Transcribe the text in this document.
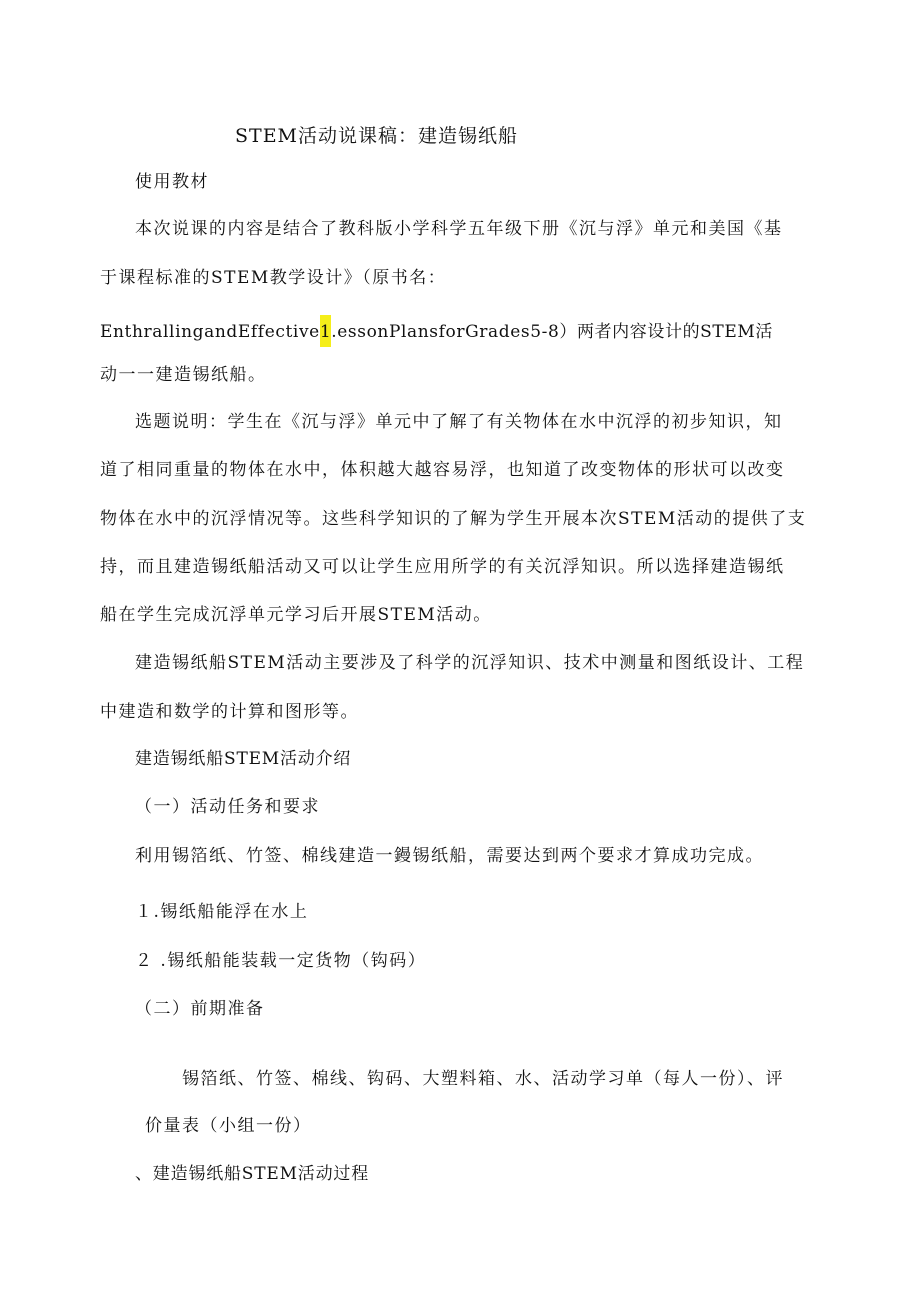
STEM活动说课稿：建造锡纸船
使用教材
本次说课的内容是结合了教科版小学科学五年级下册《沉与浮》单元和美国《基
于课程标准的STEM教学设计》（原书名：
EnthrallingandEffective1.essonPlansforGrades5-8）两者内容设计的STEM活
动一一建造锡纸船。
选题说明：学生在《沉与浮》单元中了解了有关物体在水中沉浮的初步知识，知
道了相同重量的物体在水中，体积越大越容易浮，也知道了改变物体的形状可以改变
物体在水中的沉浮情况等。这些科学知识的了解为学生开展本次STEM活动的提供了支
持，而且建造锡纸船活动又可以让学生应用所学的有关沉浮知识。所以选择建造锡纸
船在学生完成沉浮单元学习后开展STEM活动。
建造锡纸船STEM活动主要涉及了科学的沉浮知识、技术中测量和图纸设计、工程
中建造和数学的计算和图形等。
建造锡纸船STEM活动介绍
（一）活动任务和要求
利用锡箔纸、竹签、棉线建造一鏝锡纸船，需要达到两个要求才算成功完成。
１.锡纸船能浮在水上
２ .锡纸船能装载一定货物（钩码）
（二）前期准备
锡箔纸、竹签、棉线、钩码、大塑料箱、水、活动学习单（每人一份）、评
价量表（小组一份）
、建造锡纸船STEM活动过程
